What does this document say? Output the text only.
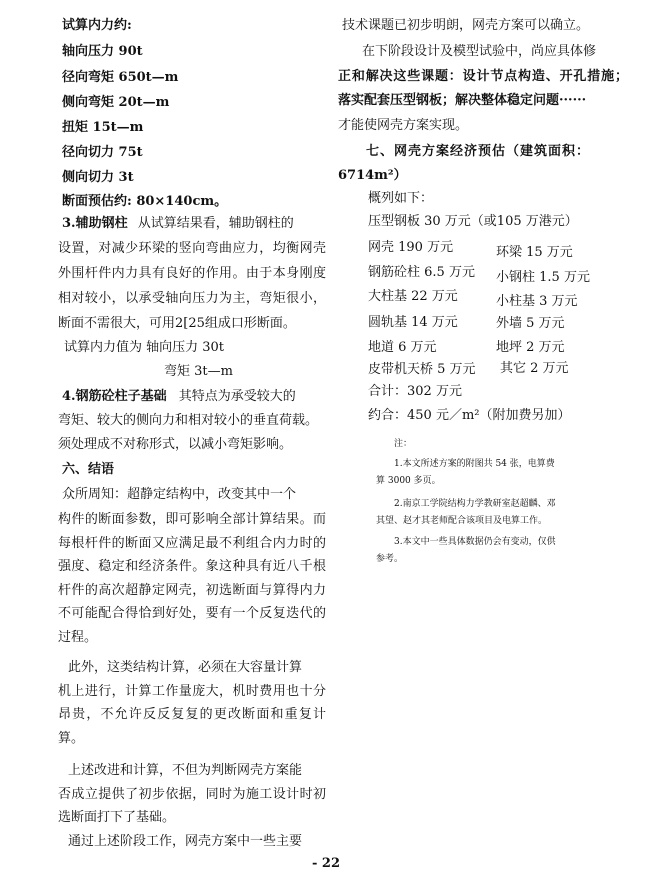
试算内力约:
轴向压力 90t
径向弯矩 650t—m
侧向弯矩 20t—m
扭矩 15t—m
径向切力 75t
侧向切力 3t
断面预估约: 80×140cm。
3.辅助钢柱 从试算结果看，辅助钢柱的
设置，对减少环梁的竖向弯曲应力，均衡网壳
外围杆件内力具有良好的作用。由于本身刚度
相对较小，以承受轴向压力为主，弯矩很小，
断面不需很大，可用2[25组成口形断面。
试算内力值为 轴向压力 30t
弯矩 3t—m
4.钢筋砼柱子基础 其特点为承受较大的
弯矩、较大的侧向力和相对较小的垂直荷载。
须处理成不对称形式，以减小弯矩影响。
六、结语
众所周知：超静定结构中，改变其中一个
构件的断面参数，即可影响全部计算结果。而
每根杆件的断面又应满足最不利组合内力时的
强度、稳定和经济条件。象这种具有近八千根
杆件的高次超静定网壳，初选断面与算得内力
不可能配合得恰到好处，要有一个反复迭代的
过程。
此外，这类结构计算，必须在大容量计算
机上进行，计算工作量庞大，机时费用也十分
昂贵，不允许反反复复的更改断面和重复计
算。
上述改进和计算，不但为判断网壳方案能
否成立提供了初步依据，同时为施工设计时初
选断面打下了基础。
通过上述阶段工作，网壳方案中一些主要
技术课题已初步明朗，网壳方案可以确立。
在下阶段设计及模型试验中，尚应具体修
正和解决这些课题：设计节点构造、开孔措施；
落实配套压型钢板；解决整体稳定问题······
才能使网壳方案实现。
七、网壳方案经济预估（建筑面积：
6714m²）
概列如下：
压型钢板 30 万元（或105 万港元）
网壳 190 万元	环梁 15 万元
钢筋砼柱 6.5 万元 小钢柱 1.5 万元
大柱基 22 万元	小柱基 3 万元
圆轨基 14 万元	外墙 5 万元
地道 6 万元	地坪 2 万元
皮带机天桥 5 万元 其它 2 万元
合计：302 万元
约合：450 元／m²（附加费另加）
注：
1.本文所述方案的附图共 54 张，电算费
算 3000 多页。
2.南京工学院结构力学教研室赵超麟、邓
其望、赵才其老师配合该项目及电算工作。
3.本文中一些具体数据仍会有变动，仅供
参考。
- 22
